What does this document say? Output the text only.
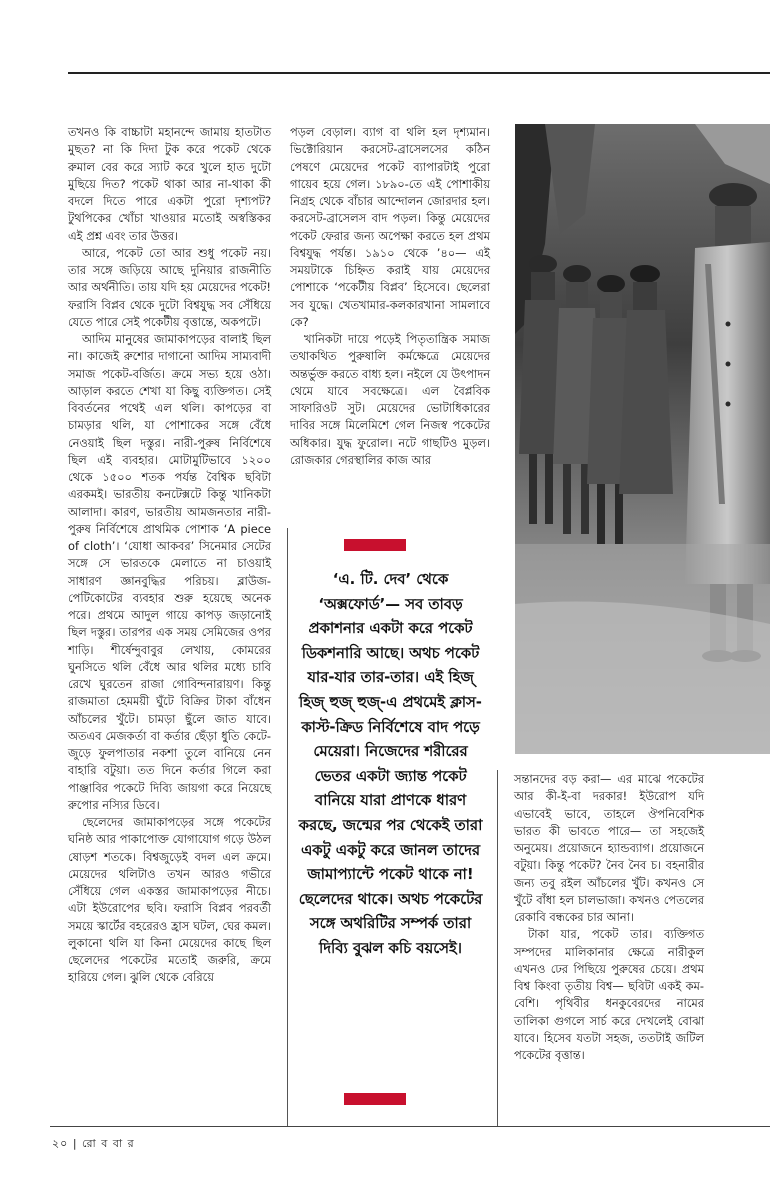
তখনও কি বাচ্চাটা মহানন্দে জামায় হাতটাত মুছত? না কি দিদা টুক করে পকেট থেকে রুমাল বের করে স্যাট করে খুলে হাত দুটো মুছিয়ে দিত? পকেট থাকা আর না-থাকা কী বদলে দিতে পারে একটা পুরো দৃশ্যপট? টুথপিকের খোঁচা খাওয়ার মতোই অস্বস্তিকর এই প্রশ্ন এবং তার উত্তর।

আরে, পকেট তো আর শুধু পকেট নয়। তার সঙ্গে জড়িয়ে আছে দুনিয়ার রাজনীতি আর অর্থনীতি। তায় যদি হয় মেয়েদের পকেট! ফরাসি বিপ্লব থেকে দুটো বিশ্বযুদ্ধ সব সেঁধিয়ে যেতে পারে সেই পকেটীয় বৃত্তান্তে, অকপটে।

আদিম মানুষের জামাকাপড়ের বালাই ছিল না। কাজেই রুশোর দাগানো আদিম সাম্যবাদী সমাজ পকেট-বর্জিত। ক্রমে সভ্য হয়ে ওঠা। আড়াল করতে শেখা যা কিছু ব্যক্তিগত। সেই বিবর্তনের পথেই এল থলি। কাপড়ের বা চামড়ার থলি, যা পোশাকের সঙ্গে বেঁধে নেওয়াই ছিল দস্তুর। নারী-পুরুষ নির্বিশেষে ছিল এই ব্যবহার। মোটামুটিভাবে ১২০০ থেকে ১৫০০ শতক পর্যন্ত বৈশ্বিক ছবিটা এরকমই। ভারতীয় কনটেক্সটে কিন্তু খানিকটা আলাদা। কারণ, ভারতীয় আমজনতার নারী-পুরুষ নির্বিশেষে প্রাথমিক পোশাক ‘A piece of cloth’। ‘যোধা আকবর’ সিনেমার সেটের সঙ্গে সে ভারতকে মেলাতে না চাওয়াই সাধারণ জ্ঞানবুদ্ধির পরিচয়। ব্লাউজ-পেটিকোটের ব্যবহার শুরু হয়েছে অনেক পরে। প্রথমে আদুল গায়ে কাপড় জড়ানোই ছিল দস্তুর। তারপর এক সময় সেমিজের ওপর শাড়ি। শীর্ষেন্দুবাবুর লেখায়, কোমরের ঘুনসিতে থলি বেঁধে আর থলির মধ্যে চাবি রেখে ঘুরতেন রাজা গোবিন্দনারায়ণ। কিন্তু রাজমাতা হেমময়ী ঘুঁটে বিক্রির টাকা বাঁধেন আঁচলের খুঁটে। চামড়া ছুঁলে জাত যাবে। অতএব মেজকর্তা বা কর্তার ছেঁড়া ধুতি কেটে-জুড়ে ফুলপাতার নকশা তুলে বানিয়ে নেন বাহারি বটুয়া। তত দিনে কর্তার গিলে করা পাঞ্জাবির পকেটে দিব্যি জায়গা করে নিয়েছে রুপোর নস্যির ডিবে।

ছেলেদের জামাকাপড়ের সঙ্গে পকেটের ঘনিষ্ঠ আর পাকাপোক্ত যোগাযোগ গড়ে উঠল ষোড়শ শতকে। বিশ্বজুড়েই বদল এল ক্রমে। মেয়েদের থলিটাও তখন আরও গভীরে সেঁধিয়ে গেল একস্তর জামাকাপড়ের নীচে। এটা ইউরোপের ছবি। ফরাসি বিপ্লব পরবর্তী সময়ে স্কার্টের বহরেরও হ্রাস ঘটল, ঘের কমল। লুকানো থলি যা কিনা মেয়েদের কাছে ছিল ছেলেদের পকেটের মতোই জরুরি, ক্রমে হারিয়ে গেল। ঝুলি থেকে বেরিয়ে

পড়ল বেড়াল। ব্যাগ বা থলি হল দৃশ্যমান। ভিক্টোরিয়ান করসেট-ব্রাসেলসের কঠিন পেষণে মেয়েদের পকেট ব্যাপারটাই পুরো গায়েব হয়ে গেল। ১৮৯০-তে এই পোশাকীয় নিগ্রহ থেকে বাঁচার আন্দোলন জোরদার হল। করসেট-ব্রাসেলস বাদ পড়ল। কিন্তু মেয়েদের পকেট ফেরার জন্য অপেক্ষা করতে হল প্রথম বিশ্বযুদ্ধ পর্যন্ত। ১৯১০ থেকে ’৪০— এই সময়টাকে চিহ্নিত করাই যায় মেয়েদের পোশাকে ‘পকেটীয় বিপ্লব’ হিসেবে। ছেলেরা সব যুদ্ধে। খেতখামার-কলকারখানা সামলাবে কে?

খানিকটা দায়ে পড়েই পিতৃতান্ত্রিক সমাজ তথাকথিত পুরুষালি কর্মক্ষেত্রে মেয়েদের অন্তর্ভুক্ত করতে বাধ্য হল। নইলে যে উৎপাদন থেমে যাবে সবক্ষেত্রে। এল বৈপ্লবিক সাফারিওট সুট। মেয়েদের ভোটাধিকারের দাবির সঙ্গে মিলেমিশে গেল নিজস্ব পকেটের অধিকার। যুদ্ধ ফুরোল। নটে গাছটিও মুড়ল। রোজকার গেরস্থালির কাজ আর

‘এ. টি. দেব’ থেকে ‘অক্সফোর্ড’— সব তাবড় প্রকাশনার একটা করে পকেট ডিকশনারি আছে। অথচ পকেট যার-যার তার-তার। এই হিজ্‌ হিজ্‌ হুজ্‌ হুজ্‌-এ প্রথমেই ক্লাস-কাস্ট-ক্রিড নির্বিশেষে বাদ পড়ে মেয়েরা। নিজেদের শরীরের ভেতর একটা জ্যান্ত পকেট বানিয়ে যারা প্রাণকে ধারণ করছে, জন্মের পর থেকেই তারা একটু একটু করে জানল তাদের জামাপ্যান্টে পকেট থাকে না! ছেলেদের থাকে। অথচ পকেটের সঙ্গে অথরিটির সম্পর্ক তারা দিব্যি বুঝল কচি বয়সেই।

সন্তানদের বড় করা— এর মাঝে পকেটের আর কী-ই-বা দরকার! ইউরোপ যদি এভাবেই ভাবে, তাহলে ঔপনিবেশিক ভারত কী ভাবতে পারে— তা সহজেই অনুমেয়। প্রয়োজনে হ্যান্ডব্যাগ। প্রয়োজনে বটুয়া। কিন্তু পকেট? নৈব নৈব চ। বহনারীর জন্য তবু রইল আঁচলের খুঁট। কখনও সে খুঁটে বাঁধা হল চালভাজা। কখনও পেতলের রেকাবি বন্ধকের চার আনা।

টাকা যার, পকেট তার। ব্যক্তিগত সম্পদের মালিকানার ক্ষেত্রে নারীকুল এখনও ঢের পিছিয়ে পুরুষের চেয়ে। প্রথম বিশ্ব কিংবা তৃতীয় বিশ্ব— ছবিটা একই কম-বেশি। পৃথিবীর ধনকুবেরদের নামের তালিকা গুগলে সার্চ করে দেখলেই বোঝা যাবে। হিসেব যতটা সহজ, ততটাই জটিল পকেটের বৃত্তান্ত।

২০ | রো ব বা র
